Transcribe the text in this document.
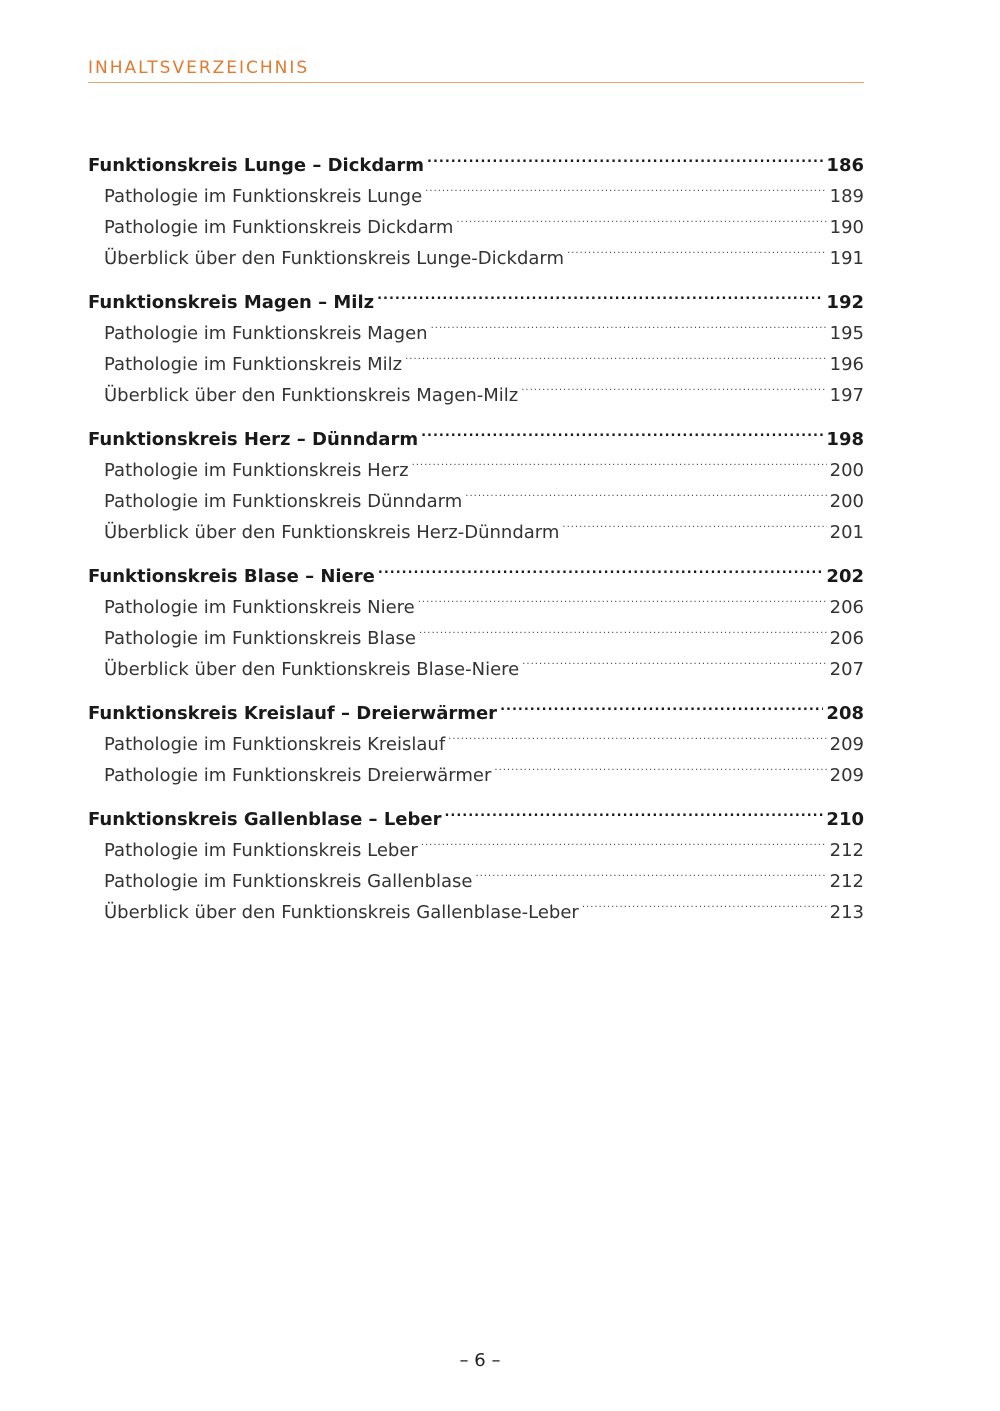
INHALTSVERZEICHNIS
Funktionskreis Lunge – Dickdarm .....	186
Pathologie im Funktionskreis Lunge .....	189
Pathologie im Funktionskreis Dickdarm .....	190
Überblick über den Funktionskreis Lunge-Dickdarm .....	191
Funktionskreis Magen – Milz .....	192
Pathologie im Funktionskreis Magen .....	195
Pathologie im Funktionskreis Milz .....	196
Überblick über den Funktionskreis Magen-Milz .....	197
Funktionskreis Herz – Dünndarm .....	198
Pathologie im Funktionskreis Herz .....	200
Pathologie im Funktionskreis Dünndarm .....	200
Überblick über den Funktionskreis Herz-Dünndarm .....	201
Funktionskreis Blase – Niere .....	202
Pathologie im Funktionskreis Niere .....	206
Pathologie im Funktionskreis Blase .....	206
Überblick über den Funktionskreis Blase-Niere .....	207
Funktionskreis Kreislauf – Dreierwärmer .....	208
Pathologie im Funktionskreis Kreislauf .....	209
Pathologie im Funktionskreis Dreierwärmer .....	209
Funktionskreis Gallenblase – Leber .....	210
Pathologie im Funktionskreis Leber .....	212
Pathologie im Funktionskreis Gallenblase .....	212
Überblick über den Funktionskreis Gallenblase-Leber .....	213
– 6 –
